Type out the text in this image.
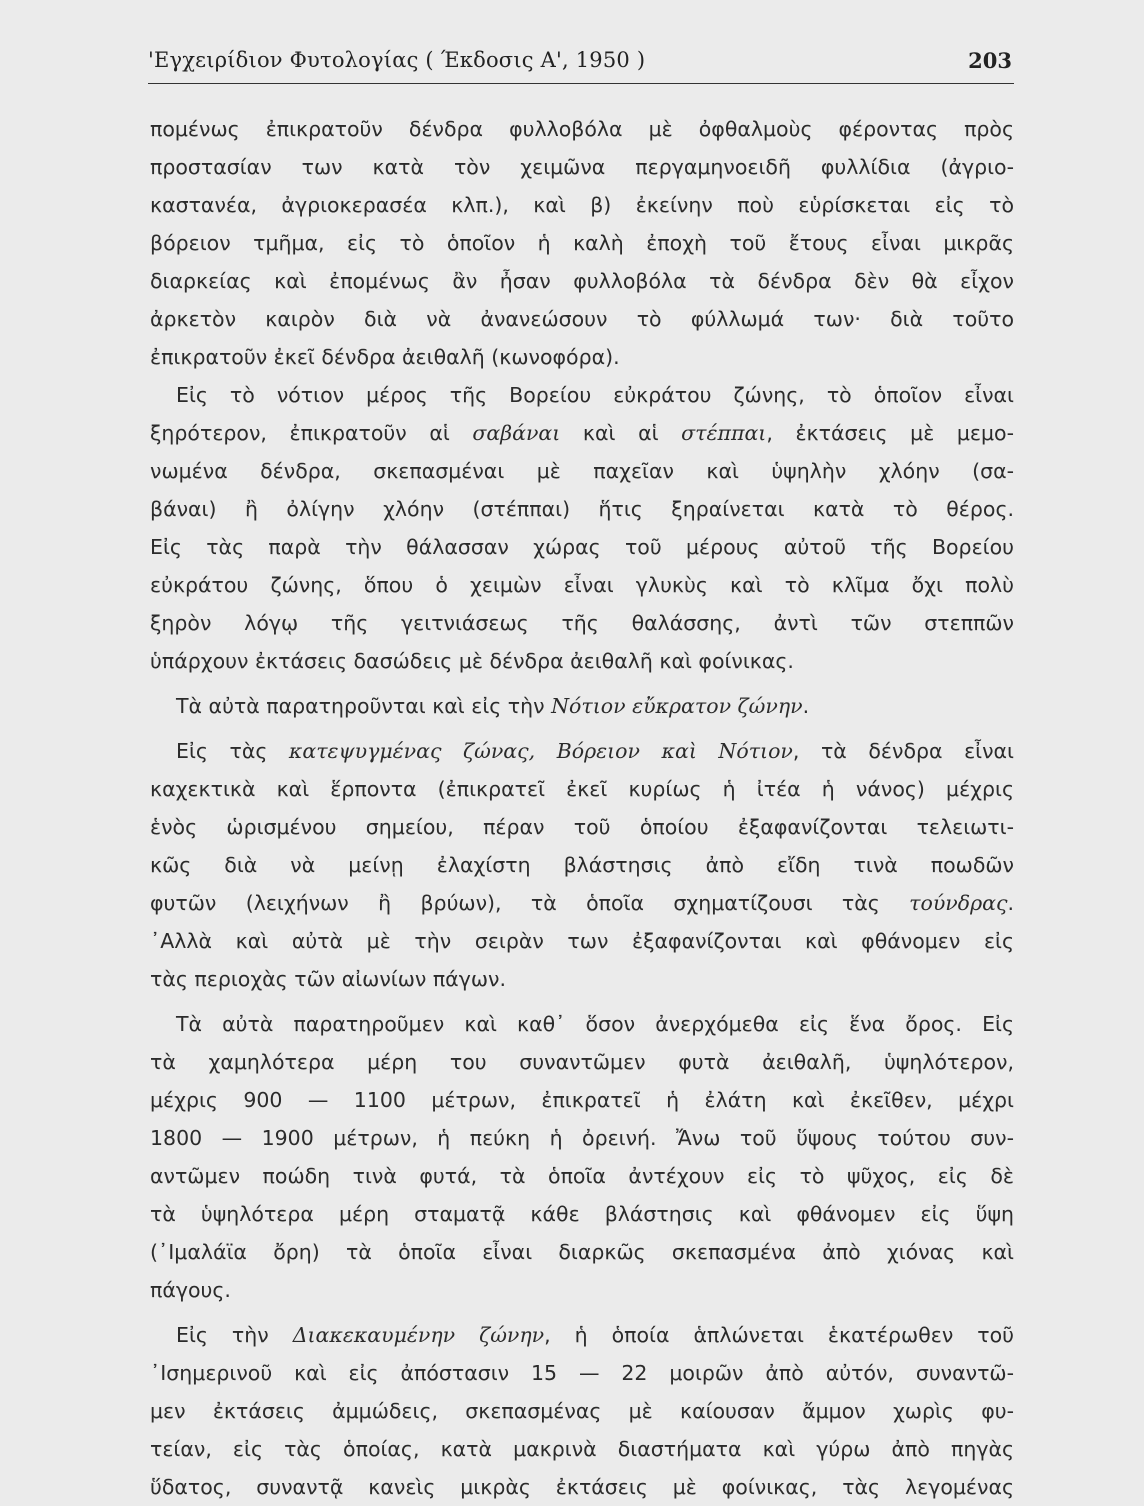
'Εγχειρίδιον Φυτολογίας ( Έκδοσις Α', 1950 )	203
πομένως ἐπικρατοῦν δένδρα φυλλοβόλα μὲ ὀφθαλμοὺς φέροντας πρὸς
προστασίαν των κατὰ τὸν χειμῶνα περγαμηνοειδῆ φυλλίδια (ἀγριο-
καστανέα, ἀγριοκερασέα κλπ.), καὶ β) ἐκείνην ποὺ εὑρίσκεται εἰς τὸ
βόρειον τμῆμα, εἰς τὸ ὁποῖον ἡ καλὴ ἐποχὴ τοῦ ἔτους εἶναι μικρᾶς
διαρκείας καὶ ἐπομένως ἂν ἦσαν φυλλοβόλα τὰ δένδρα δὲν θὰ εἶχον
ἀρκετὸν καιρὸν διὰ νὰ ἀνανεώσουν τὸ φύλλωμά των· διὰ τοῦτο
ἐπικρατοῦν ἐκεῖ δένδρα ἀειθαλῆ (κωνοφόρα).
Εἰς τὸ νότιον μέρος τῆς Βορείου εὐκράτου ζώνης, τὸ ὁποῖον εἶναι
ξηρότερον, ἐπικρατοῦν αἱ σαβάναι καὶ αἱ στέππαι, ἐκτάσεις μὲ μεμο-
νωμένα δένδρα, σκεπασμέναι μὲ παχεῖαν καὶ ὑψηλὴν χλόην (σα-
βάναι) ἢ ὀλίγην χλόην (στέππαι) ἥτις ξηραίνεται κατὰ τὸ θέρος.
Εἰς τὰς παρὰ τὴν θάλασσαν χώρας τοῦ μέρους αὐτοῦ τῆς Βορείου
εὐκράτου ζώνης, ὅπου ὁ χειμὼν εἶναι γλυκὺς καὶ τὸ κλῖμα ὄχι πολὺ
ξηρὸν λόγῳ τῆς γειτνιάσεως τῆς θαλάσσης, ἀντὶ τῶν στεππῶν
ὑπάρχουν ἐκτάσεις δασώδεις μὲ δένδρα ἀειθαλῆ καὶ φοίνικας.
Τὰ αὐτὰ παρατηροῦνται καὶ εἰς τὴν Νότιον εὔκρατον ζώνην.
Εἰς τὰς κατεψυγμένας ζώνας, Βόρειον καὶ Νότιον, τὰ δένδρα εἶναι
καχεκτικὰ καὶ ἕρποντα (ἐπικρατεῖ ἐκεῖ κυρίως ἡ ἰτέα ἡ νάνος) μέχρις
ἑνὸς ὡρισμένου σημείου, πέραν τοῦ ὁποίου ἐξαφανίζονται τελειωτι-
κῶς διὰ νὰ μείνῃ ἐλαχίστη βλάστησις ἀπὸ εἴδη τινὰ ποωδῶν
φυτῶν (λειχήνων ἢ βρύων), τὰ ὁποῖα σχηματίζουσι τὰς τούνδρας.
᾿Αλλὰ καὶ αὐτὰ μὲ τὴν σειρὰν των ἐξαφανίζονται καὶ φθάνομεν εἰς
τὰς περιοχὰς τῶν αἰωνίων πάγων.
Τὰ αὐτὰ παρατηροῦμεν καὶ καθ᾿ ὅσον ἀνερχόμεθα εἰς ἕνα ὄρος. Εἰς
τὰ χαμηλότερα μέρη του συναντῶμεν φυτὰ ἀειθαλῆ, ὑψηλότερον,
μέχρις 900 — 1100 μέτρων, ἐπικρατεῖ ἡ ἐλάτη καὶ ἐκεῖθεν, μέχρι
1800 — 1900 μέτρων, ἡ πεύκη ἡ ὀρεινή. Ἄνω τοῦ ὕψους τούτου συν-
αντῶμεν ποώδη τινὰ φυτά, τὰ ὁποῖα ἀντέχουν εἰς τὸ ψῦχος, εἰς δὲ
τὰ ὑψηλότερα μέρη σταματᾷ κάθε βλάστησις καὶ φθάνομεν εἰς ὕψη
(᾿Ιμαλάϊα ὄρη) τὰ ὁποῖα εἶναι διαρκῶς σκεπασμένα ἀπὸ χιόνας καὶ
πάγους.
Εἰς τὴν Διακεκαυμένην ζώνην, ἡ ὁποία ἁπλώνεται ἑκατέρωθεν τοῦ
᾿Ισημερινοῦ καὶ εἰς ἀπόστασιν 15 — 22 μοιρῶν ἀπὸ αὐτόν, συναντῶ-
μεν ἐκτάσεις ἀμμώδεις, σκεπασμένας μὲ καίουσαν ἄμμον χωρὶς φυ-
τείαν, εἰς τὰς ὁποίας, κατὰ μακρινὰ διαστήματα καὶ γύρω ἀπὸ πηγὰς
ὕδατος, συναντᾷ κανεὶς μικρὰς ἐκτάσεις μὲ φοίνικας, τὰς λεγομένας
